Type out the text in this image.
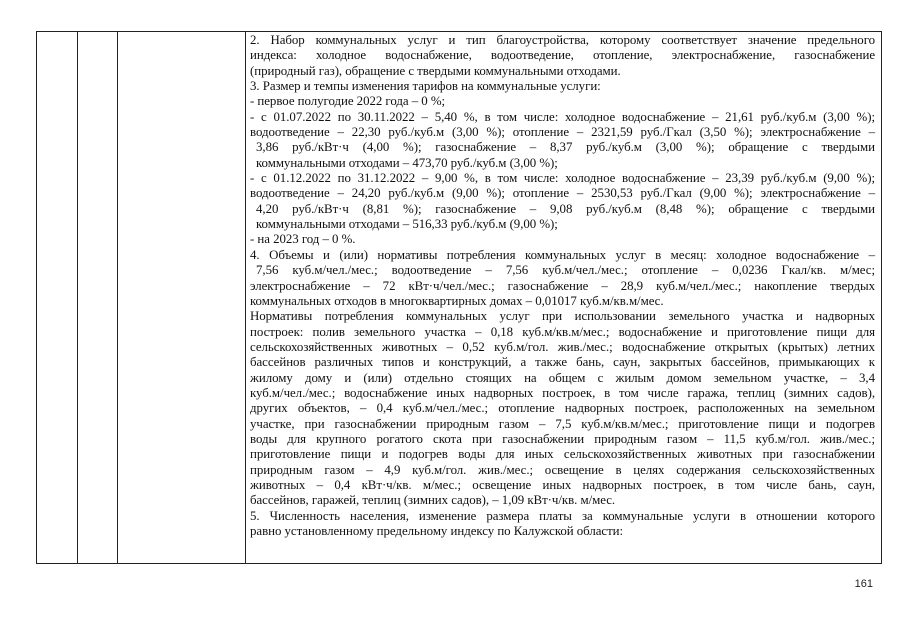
2. Набор коммунальных услуг и тип благоустройства, которому соответствует значение предельного
индекса: холодное водоснабжение, водоотведение, отопление, электроснабжение, газоснабжение
(природный газ), обращение с твердыми коммунальными отходами.
3. Размер и темпы изменения тарифов на коммунальные услуги:
- первое полугодие 2022 года – 0 %;
- с 01.07.2022 по 30.11.2022 – 5,40 %, в том числе: холодное водоснабжение – 21,61 руб./куб.м (3,00 %);
водоотведение – 22,30 руб./куб.м (3,00 %); отопление – 2321,59 руб./Гкал (3,50 %); электроснабжение –
3,86 руб./кВт·ч (4,00 %); газоснабжение – 8,37 руб./куб.м (3,00 %); обращение с твердыми
коммунальными отходами – 473,70 руб./куб.м (3,00 %);
- с 01.12.2022 по 31.12.2022 – 9,00 %, в том числе: холодное водоснабжение – 23,39 руб./куб.м (9,00 %);
водоотведение – 24,20 руб./куб.м (9,00 %); отопление – 2530,53 руб./Гкал (9,00 %); электроснабжение –
4,20 руб./кВт·ч (8,81 %); газоснабжение – 9,08 руб./куб.м (8,48 %); обращение с твердыми
коммунальными отходами – 516,33 руб./куб.м (9,00 %);
- на 2023 год – 0 %.
4. Объемы и (или) нормативы потребления коммунальных услуг в месяц: холодное водоснабжение –
7,56 куб.м/чел./мес.; водоотведение – 7,56 куб.м/чел./мес.; отопление – 0,0236 Гкал/кв. м/мес;
электроснабжение – 72 кВт·ч/чел./мес.; газоснабжение – 28,9 куб.м/чел./мес.; накопление твердых
коммунальных отходов в многоквартирных домах – 0,01017 куб.м/кв.м/мес.
Нормативы потребления коммунальных услуг при использовании земельного участка и надворных
построек: полив земельного участка – 0,18 куб.м/кв.м/мес.; водоснабжение и приготовление пищи для
сельскохозяйственных животных – 0,52 куб.м/гол. жив./мес.; водоснабжение открытых (крытых) летних
бассейнов различных типов и конструкций, а также бань, саун, закрытых бассейнов, примыкающих к
жилому дому и (или) отдельно стоящих на общем с жилым домом земельном участке, – 3,4
куб.м/чел./мес.; водоснабжение иных надворных построек, в том числе гаража, теплиц (зимних садов),
других объектов, – 0,4 куб.м/чел./мес.; отопление надворных построек, расположенных на земельном
участке, при газоснабжении природным газом – 7,5 куб.м/кв.м/мес.; приготовление пищи и подогрев
воды для крупного рогатого скота при газоснабжении природным газом – 11,5 куб.м/гол. жив./мес.;
приготовление пищи и подогрев воды для иных сельскохозяйственных животных при газоснабжении
природным газом – 4,9 куб.м/гол. жив./мес.; освещение в целях содержания сельскохозяйственных
животных – 0,4 кВт·ч/кв. м/мес.; освещение иных надворных построек, в том числе бань, саун,
бассейнов, гаражей, теплиц (зимних садов), – 1,09 кВт·ч/кв. м/мес.
5. Численность населения, изменение размера платы за коммунальные услуги в отношении которого
равно установленному предельному индексу по Калужской области:
161
